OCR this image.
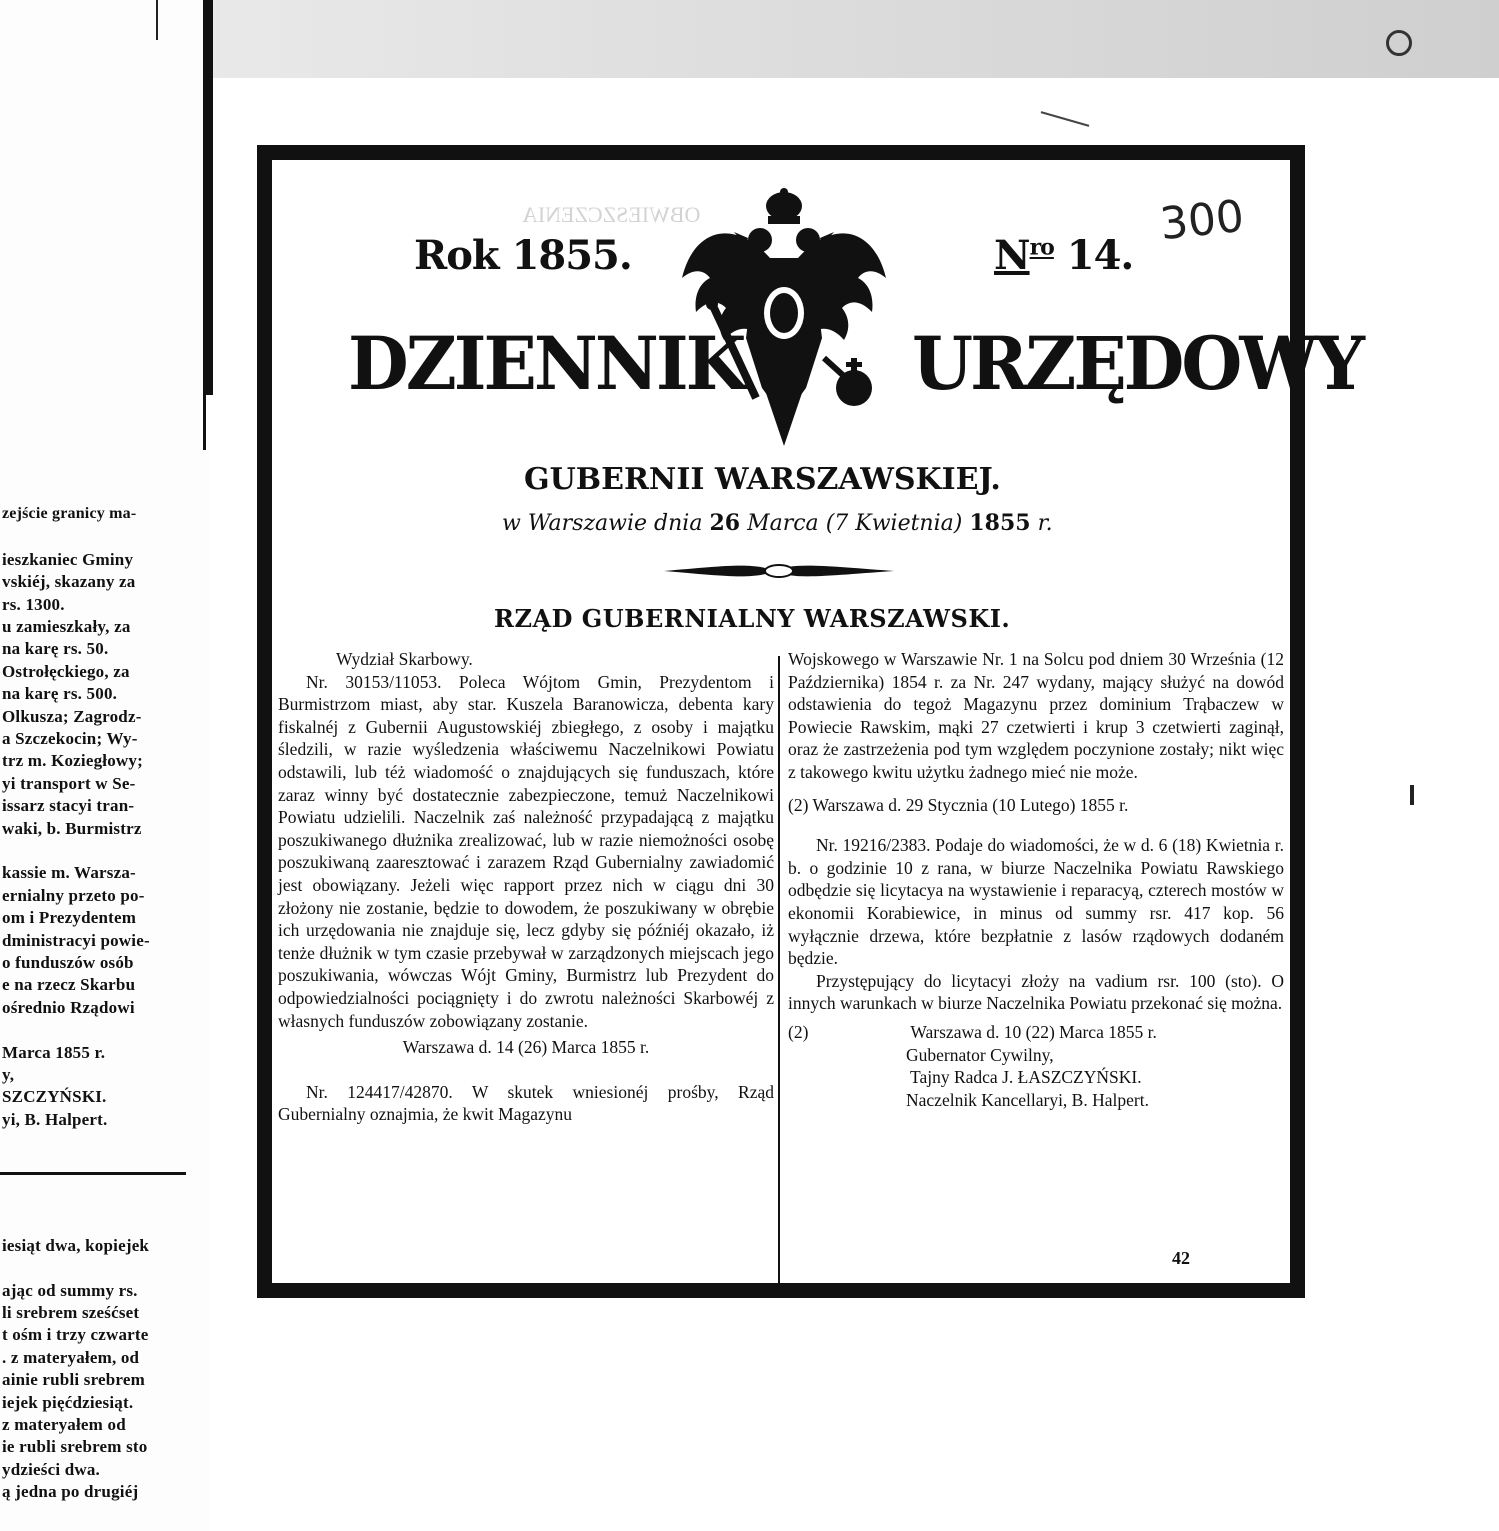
zejście granicy ma-
ieszkaniec Gminy
vskiéj, skazany za
rs. 1300.
u zamieszkały, za
na karę rs. 50.
Ostrołęckiego, za
na karę rs. 500.
Olkusza; Zagrodz-
a Szczekocin; Wy-
trz m. Koziegłowy;
yi transport w Se-
issarz stacyi tran-
waki, b. Burmistrz
kassie m. Warsza-
ernialny przeto po-
om i Prezydentem
dministracyi powie-
o funduszów osób
e na rzecz Skarbu
ośrednio Rządowi
Marca 1855 r.
y,
SZCZYŃSKI.
yi, B. Halpert.
iesiąt dwa, kopiejek
ając od summy rs.
li srebrem sześćset
t ośm i trzy czwarte
. z materyałem, od
ainie rubli srebrem
iejek pięćdziesiąt.
z materyałem od
ie rubli srebrem sto
ydzieści dwa.
ą jedna po drugiéj
OBWIESZCZENIA
Rok 1855.	$N^{ro}$ 14.
DZIENNIK URZĘDOWY
GUBERNII WARSZAWSKIEJ.
w Warszawie dnia 26 Marca (7 Kwietnia) 1855 r.
RZĄD GUBERNIALNY WARSZAWSKI.

Wydział Skarbowy.

Nr. 30153/11053. Poleca Wójtom Gmin, Prezydentom i Burmistrzom miast, aby star. Kuszela Baranowicza, debenta kary fiskalnéj z Gubernii Augustowskiéj zbiegłego, z osoby i majątku śledzili, w razie wyśledzenia właściwemu Naczelnikowi Powiatu odstawili, lub téż wiadomość o znajdujących się funduszach, które zaraz winny być dostatecznie zabezpieczone, temuż Naczelnikowi Powiatu udzielili. Naczelnik zaś należność przypadającą z majątku poszukiwanego dłużnika zrealizować, lub w razie niemożności osobę poszukiwaną zaaresztować i zarazem Rząd Gubernialny zawiadomić jest obowiązany. Jeżeli więc rapport przez nich w ciągu dni 30 złożony nie zostanie, będzie to dowodem, że poszukiwany w obrębie ich urzędowania nie znajduje się, lecz gdyby się późniéj okazało, iż tenże dłużnik w tym czasie przebywał w zarządzonych miejscach jego poszukiwania, wówczas Wójt Gminy, Burmistrz lub Prezydent do odpowiedzialności pociągnięty i do zwrotu należności Skarbowéj z własnych funduszów zobowiązany zostanie.

Warszawa d. 14 (26) Marca 1855 r.

Nr. 124417/42870. W skutek wniesionéj prośby, Rząd Gubernialny oznajmia, że kwit Magazynu

Wojskowego w Warszawie Nr. 1 na Solcu pod dniem 30 Września (12 Października) 1854 r. za Nr. 247 wydany, mający służyć na dowód odstawienia do tegoż Magazynu przez dominium Trąbaczew w Powiecie Rawskim, mąki 27 czetwierti i krup 3 czetwierti zaginął, oraz że zastrzeżenia pod tym względem poczynione zostały; nikt więc z takowego kwitu użytku żadnego mieć nie może.

(2) Warszawa d. 29 Stycznia (10 Lutego) 1855 r.

Nr. 19216/2383. Podaje do wiadomości, że w d. 6 (18) Kwietnia r. b. o godzinie 10 z rana, w biurze Naczelnika Powiatu Rawskiego odbędzie się licytacya na wystawienie i reparacyą, czterech mostów w ekonomii Korabiewice, in minus od summy rsr. 417 kop. 56 wyłącznie drzewa, które bezpłatnie z lasów rządowych dodaném będzie.

Przystępujący do licytacyi złoży na vadium rsr. 100 (sto). O innych warunkach w biurze Naczelnika Powiatu przekonać się można.

(2)	Warszawa d. 10 (22) Marca 1855 r.

Gubernator Cywilny,

Tajny Radca J. ŁASZCZYŃSKI.

Naczelnik Kancellaryi, B. Halpert.

42
300
